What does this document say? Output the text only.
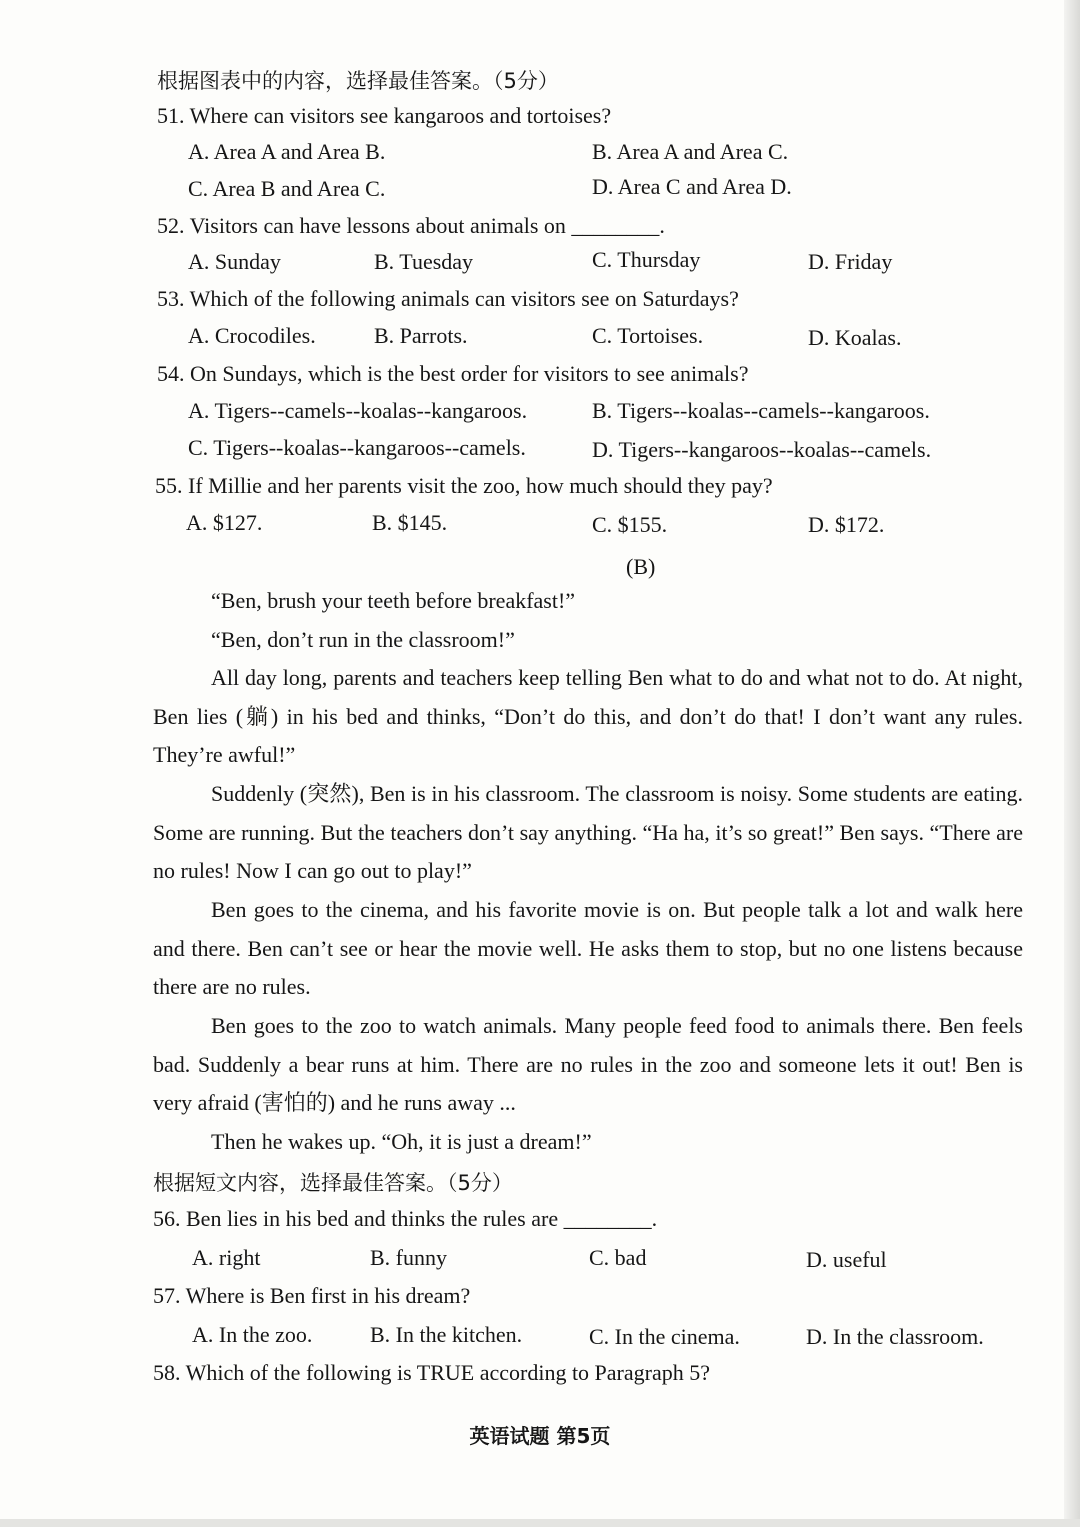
根据图表中的内容，选择最佳答案。（5分）
51. Where can visitors see kangaroos and tortoises?
A. Area A and Area B.	B. Area A and Area C.
C. Area B and Area C.	D. Area C and Area D.
52. Visitors can have lessons about animals on ________.
A. Sunday	B. Tuesday	C. Thursday	D. Friday
53. Which of the following animals can visitors see on Saturdays?
A. Crocodiles.	B. Parrots.	C. Tortoises.	D. Koalas.
54. On Sundays, which is the best order for visitors to see animals?
A. Tigers--camels--koalas--kangaroos.	B. Tigers--koalas--camels--kangaroos.
C. Tigers--koalas--kangaroos--camels.	D. Tigers--kangaroos--koalas--camels.
55. If Millie and her parents visit the zoo, how much should they pay?
A. $127.	B. $145.	C. $155.	D. $172.
(B)
“Ben, brush your teeth before breakfast!”
“Ben, don’t run in the classroom!”
All day long, parents and teachers keep telling Ben what to do and what not to do. At night, Ben lies (躺) in his bed and thinks, “Don’t do this, and don’t do that! I don’t want any rules. They’re awful!”
Suddenly (突然), Ben is in his classroom. The classroom is noisy. Some students are eating. Some are running. But the teachers don’t say anything. “Ha ha, it’s so great!” Ben says. “There are no rules! Now I can go out to play!”
Ben goes to the cinema, and his favorite movie is on. But people talk a lot and walk here and there. Ben can’t see or hear the movie well. He asks them to stop, but no one listens because there are no rules.
Ben goes to the zoo to watch animals. Many people feed food to animals there. Ben feels bad. Suddenly a bear runs at him. There are no rules in the zoo and someone lets it out! Ben is very afraid (害怕的) and he runs away ...
Then he wakes up. “Oh, it is just a dream!”
根据短文内容，选择最佳答案。（5分）
56. Ben lies in his bed and thinks the rules are ________.
A. right	B. funny	C. bad	D. useful
57. Where is Ben first in his dream?
A. In the zoo.	B. In the kitchen.	C. In the cinema.	D. In the classroom.
58. Which of the following is TRUE according to Paragraph 5?
英语试题 第5页
